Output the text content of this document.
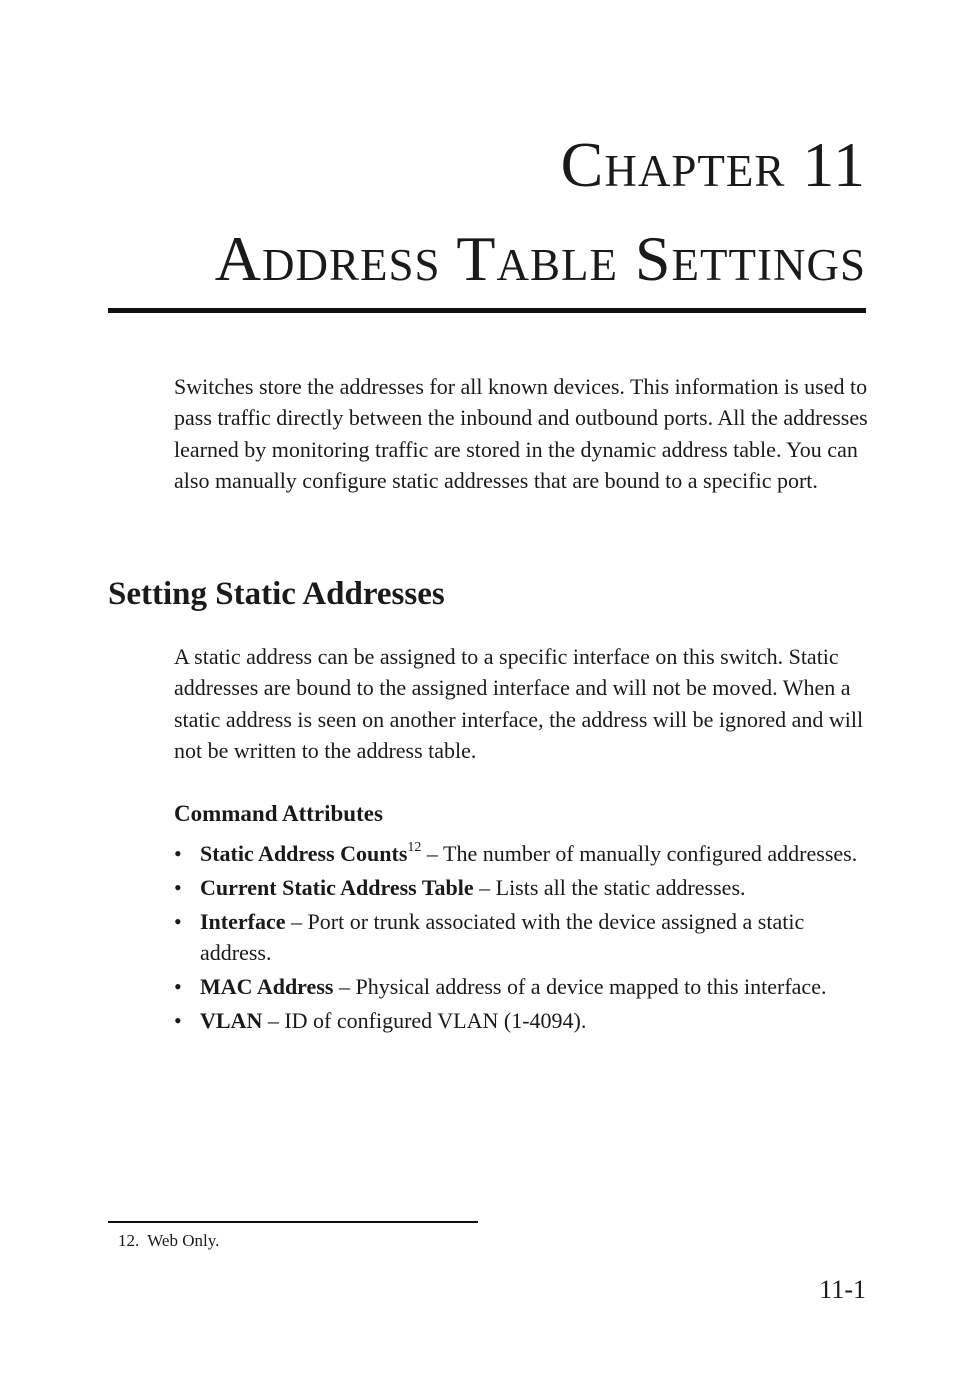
Chapter 11
Address Table Settings

Switches store the addresses for all known devices. This information is used to pass traffic directly between the inbound and outbound ports. All the addresses learned by monitoring traffic are stored in the dynamic address table. You can also manually configure static addresses that are bound to a specific port.

Setting Static Addresses

A static address can be assigned to a specific interface on this switch. Static addresses are bound to the assigned interface and will not be moved. When a static address is seen on another interface, the address will be ignored and will not be written to the address table.

Command Attributes
• Static Address Counts$^{12}$ – The number of manually configured addresses.
• Current Static Address Table – Lists all the static addresses.
• Interface – Port or trunk associated with the device assigned a static address.
• MAC Address – Physical address of a device mapped to this interface.
• VLAN – ID of configured VLAN (1-4094).

12. Web Only.

11-1
